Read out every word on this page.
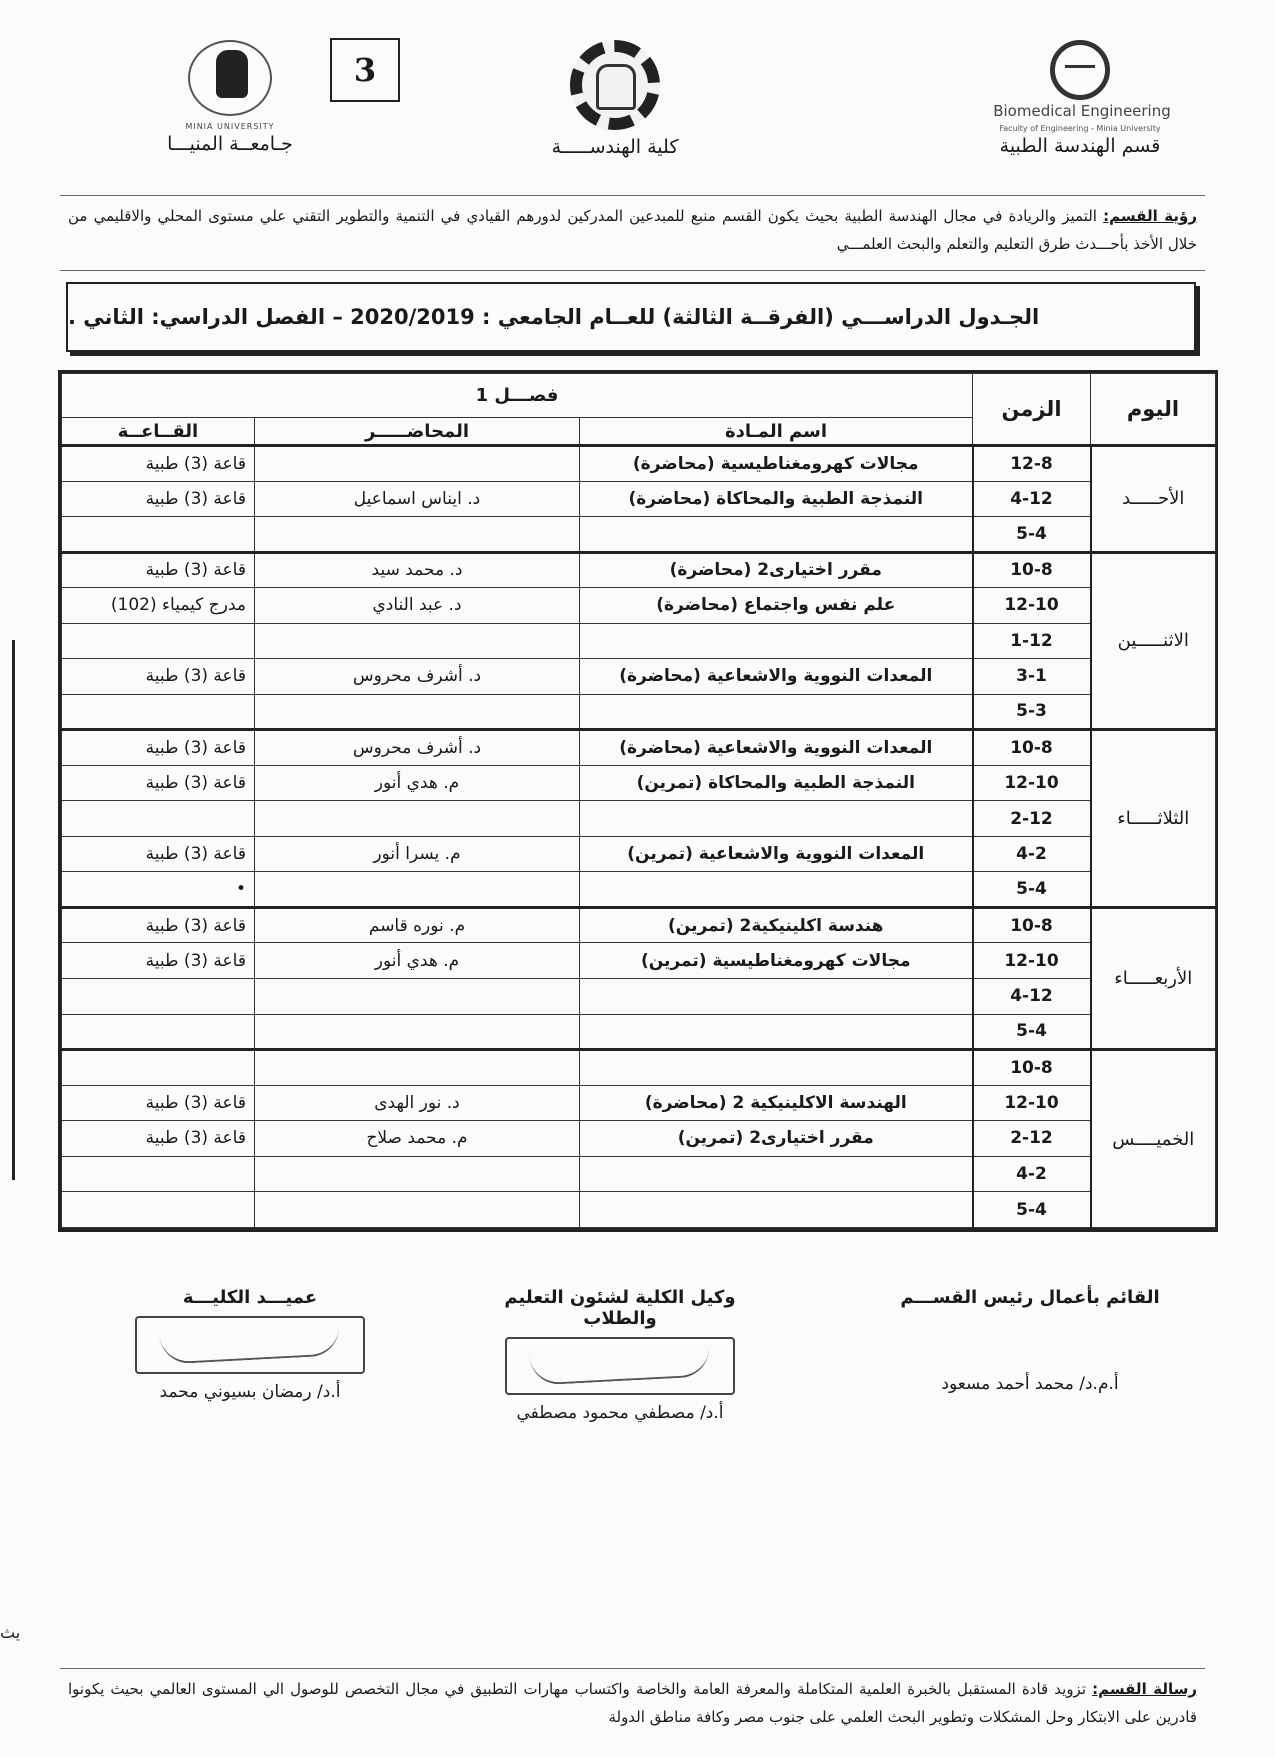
Biomedical Engineering
Faculty of Engineering - Minia University
قسم الهندسة الطبية
كلية الهندســـــة
3
MINIA UNIVERSITY
جـامعــة المنيـــا
رؤية القسم: التميز والريادة في مجال الهندسة الطبية بحيث يكون القسم منبع للمبدعين المدركين لدورهم القيادي في التنمية والتطوير التقني علي مستوى المحلي والاقليمي من خلال الأخذ بأحـــدث طرق التعليم والتعلم والبحث العلمـــي
الجـدول الدراســـي (الفرقــة الثالثة) للعــام الجامعي : 2020/2019 – الفصل الدراسي: الثاني .
اليوم	الزمن	فصـــل 1		
		اسم المـادة	المحاضـــــر	القــاعــة
الأحـــــد	12-8	مجالات كهرومغناطيسية (محاضرة)		قاعة (3) طبية
	4-12	النمذجة الطبية والمحاكاة (محاضرة)	د. ايناس اسماعيل	قاعة (3) طبية
	5-4			
الاثنـــــين	10-8	مقرر اختيارى2 (محاضرة)	د. محمد سيد	قاعة (3) طبية
	12-10	علم نفس واجتماع (محاضرة)	د. عبد النادي	مدرج كيمياء (102)
	1-12			
	3-1	المعدات النووية والاشعاعية (محاضرة)	د. أشرف محروس	قاعة (3) طبية
	5-3			
الثلاثـــــاء	10-8	المعدات النووية والاشعاعية (محاضرة)	د. أشرف محروس	قاعة (3) طبية
	12-10	النمذجة الطبية والمحاكاة (تمرين)	م. هدي أنور	قاعة (3) طبية
	2-12			
	4-2	المعدات النووية والاشعاعية (تمرين)	م. يسرا أنور	قاعة (3) طبية
	5-4			•
الأربعـــــاء	10-8	هندسة اكلينيكية2 (تمرين)	م. نوره قاسم	قاعة (3) طبية
	12-10	مجالات كهرومغناطيسية (تمرين)	م. هدي أنور	قاعة (3) طبية
	4-12			
	5-4			
الخميــــس	10-8			
	12-10	الهندسة الاكلينيكية 2 (محاضرة)	د. نور الهدى	قاعة (3) طبية
	2-12	مقرر اختيارى2 (تمرين)	م. محمد صلاح	قاعة (3) طبية
	4-2			
	5-4			
القائم بأعمال رئيس القســـم
أ.م.د/ محمد أحمد مسعود
وكيل الكلية لشئون التعليم والطلاب
أ.د/ مصطفي محمود مصطفي
عميـــد الكليـــة
أ.د/ رمضان بسيوني محمد
يث
رسالة القسم: تزويد قادة المستقبل بالخبرة العلمية المتكاملة والمعرفة العامة والخاصة واكتساب مهارات التطبيق في مجال التخصص للوصول الي المستوى العالمي بحيث يكونوا قادرين على الابتكار وحل المشكلات وتطوير البحث العلمي على جنوب مصر وكافة مناطق الدولة
